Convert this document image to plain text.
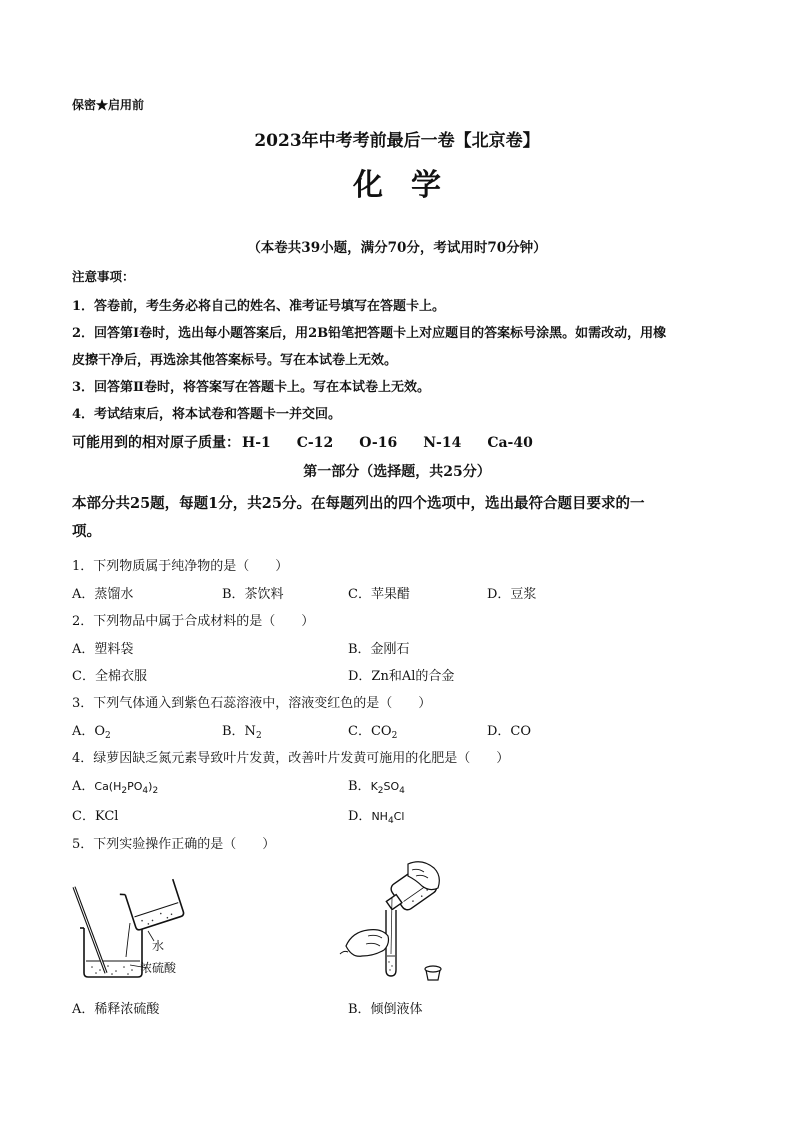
保密★启用前
2023年中考考前最后一卷【北京卷】
化学
（本卷共39小题，满分70分，考试用时70分钟）
注意事项：
1．答卷前，考生务必将自己的姓名、准考证号填写在答题卡上。
2．回答第Ⅰ卷时，选出每小题答案后，用2B铅笔把答题卡上对应题目的答案标号涂黑。如需改动，用橡
皮擦干净后，再选涂其他答案标号。写在本试卷上无效。
3．回答第Ⅱ卷时，将答案写在答题卡上。写在本试卷上无效。
4．考试结束后，将本试卷和答题卡一并交回。
可能用到的相对原子质量： H-1 C-12 O-16 N-14 Ca-40
第一部分（选择题，共25分）
本部分共25题，每题1分，共25分。在每题列出的四个选项中，选出最符合题目要求的一
项。
1．下列物质属于纯净物的是（　　）
A．蒸馏水	B．茶饮料	C．苹果醋	D．豆浆
2．下列物品中属于合成材料的是（　　）
A．塑料袋	B．金刚石
C．全棉衣服	D．Zn和Al的合金
3．下列气体通入到紫色石蕊溶液中，溶液变红色的是（　　）
A．$O_2$	B．$N_2$	C．$CO_2$	D．CO
4．绿萝因缺乏氮元素导致叶片发黄，改善叶片发黄可施用的化肥是（　　）
A．$Ca(H_2PO_4)_2$	B．$K_2SO_4$
C．KCl	D．$NH_4Cl$
5．下列实验操作正确的是（　　）
水
浓硫酸
A．稀释浓硫酸	B．倾倒液体
